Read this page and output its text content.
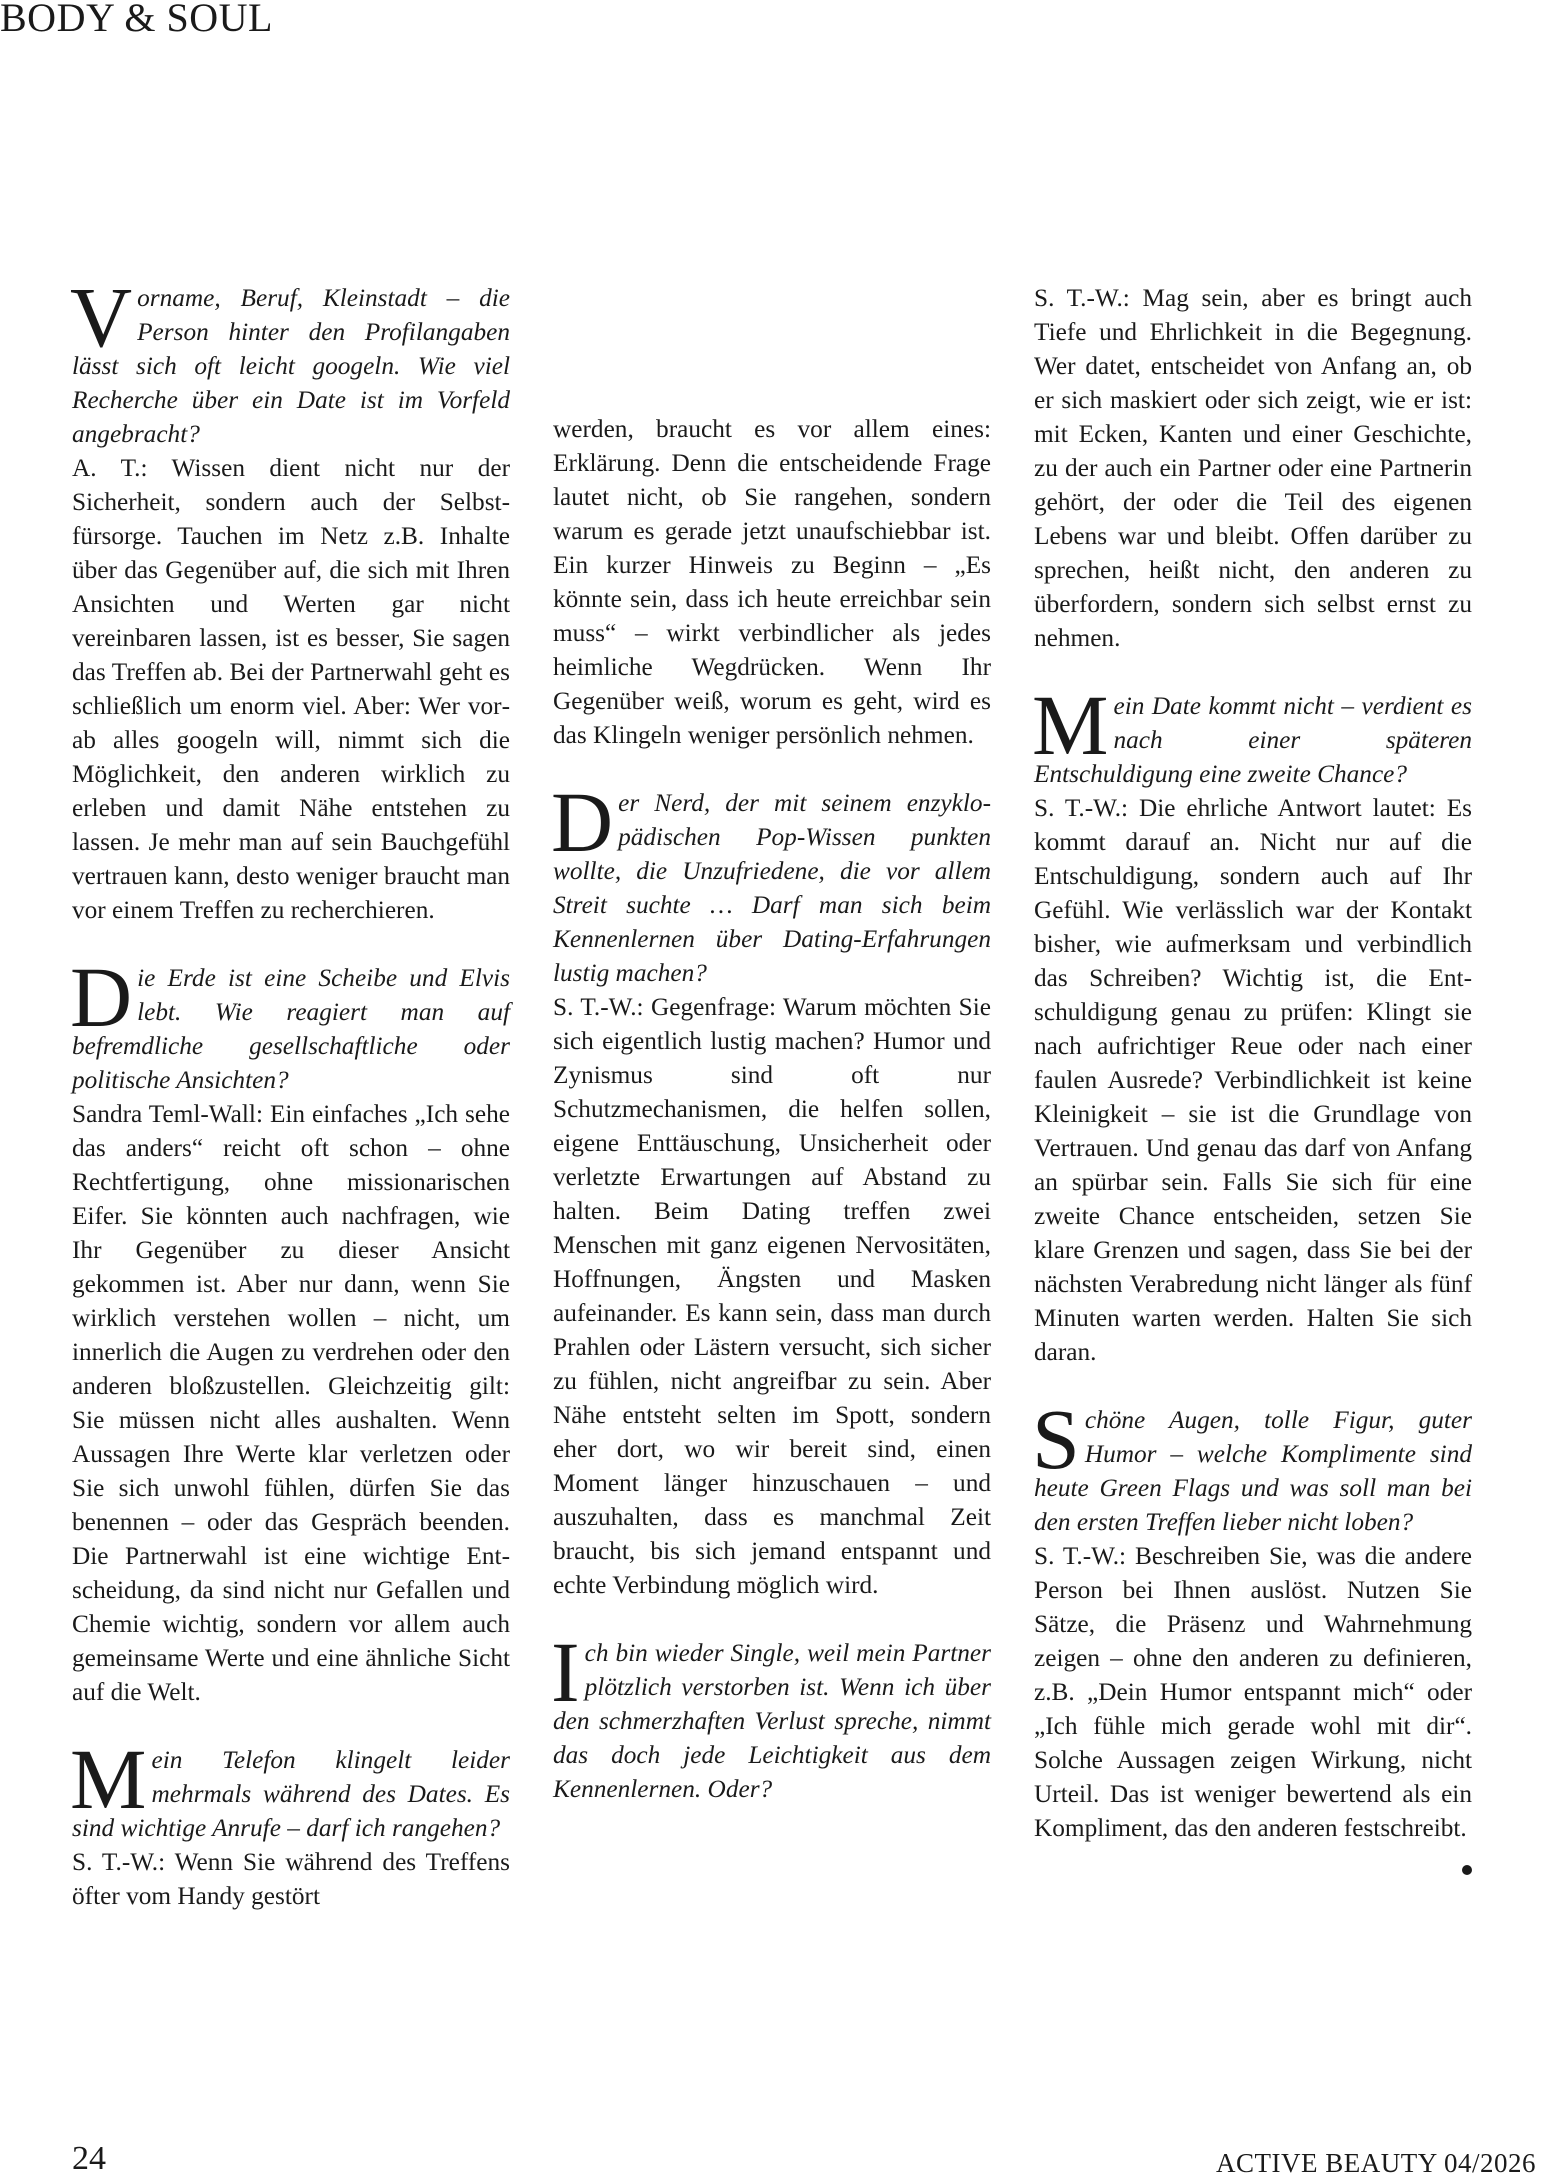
BODY & SOUL

Vorname, Beruf, Kleinstadt – die Person hinter den Profilangaben lässt sich oft leicht googeln. Wie viel Recherche über ein Date ist im Vorfeld angebracht?

A. T.: Wissen dient nicht nur der Sicherheit, sondern auch der Selbstfürsorge. Tauchen im Netz z.B. Inhalte über das Gegenüber auf, die sich mit Ihren Ansichten und Werten gar nicht vereinbaren lassen, ist es besser, Sie sagen das Treffen ab. Bei der Partnerwahl geht es schließlich um enorm viel. Aber: Wer vorab alles googeln will, nimmt sich die Möglichkeit, den anderen wirklich zu erleben und damit Nähe entstehen zu lassen. Je mehr man auf sein Bauchgefühl vertrauen kann, desto weniger braucht man vor einem Treffen zu recherchieren.

Die Erde ist eine Scheibe und Elvis lebt. Wie reagiert man auf befremdliche gesellschaftliche oder politische Ansichten?

Sandra Teml-Wall: Ein einfaches „Ich sehe das anders“ reicht oft schon – ohne Rechtfertigung, ohne missionarischen Eifer. Sie könnten auch nachfragen, wie Ihr Gegenüber zu dieser Ansicht gekommen ist. Aber nur dann, wenn Sie wirklich verstehen wollen – nicht, um innerlich die Augen zu verdrehen oder den anderen bloßzustellen. Gleichzeitig gilt: Sie müssen nicht alles aushalten. Wenn Aussagen Ihre Werte klar verletzen oder Sie sich unwohl fühlen, dürfen Sie das benennen – oder das Gespräch beenden. Die Partnerwahl ist eine wichtige Entscheidung, da sind nicht nur Gefallen und Chemie wichtig, sondern vor allem auch gemeinsame Werte und eine ähnliche Sicht auf die Welt.

Mein Telefon klingelt leider mehrmals während des Dates. Es sind wichtige Anrufe – darf ich rangehen?

S. T.-W.: Wenn Sie während des Treffens öfter vom Handy gestört

werden, braucht es vor allem eines: Erklärung. Denn die entscheidende Frage lautet nicht, ob Sie rangehen, sondern warum es gerade jetzt unaufschiebbar ist. Ein kurzer Hinweis zu Beginn – „Es könnte sein, dass ich heute erreichbar sein muss“ – wirkt verbindlicher als jedes heimliche Wegdrücken. Wenn Ihr Gegenüber weiß, worum es geht, wird es das Klingeln weniger persönlich nehmen.

Der Nerd, der mit seinem enzyklopädischen Pop-Wissen punkten wollte, die Unzufriedene, die vor allem Streit suchte … Darf man sich beim Kennenlernen über Dating-Erfahrungen lustig machen?

S. T.-W.: Gegenfrage: Warum möchten Sie sich eigentlich lustig machen? Humor und Zynismus sind oft nur Schutzmechanismen, die helfen sollen, eigene Enttäuschung, Unsicherheit oder verletzte Erwartungen auf Abstand zu halten. Beim Dating treffen zwei Menschen mit ganz eigenen Nervositäten, Hoffnungen, Ängsten und Masken aufeinander. Es kann sein, dass man durch Prahlen oder Lästern versucht, sich sicher zu fühlen, nicht angreifbar zu sein. Aber Nähe entsteht selten im Spott, sondern eher dort, wo wir bereit sind, einen Moment länger hinzuschauen – und auszuhalten, dass es manchmal Zeit braucht, bis sich jemand entspannt und echte Verbindung möglich wird.

Ich bin wieder Single, weil mein Partner plötzlich verstorben ist. Wenn ich über den schmerzhaften Verlust spreche, nimmt das doch jede Leichtigkeit aus dem Kennenlernen. Oder?

S. T.-W.: Mag sein, aber es bringt auch Tiefe und Ehrlichkeit in die Begegnung. Wer datet, entscheidet von Anfang an, ob er sich maskiert oder sich zeigt, wie er ist: mit Ecken, Kanten und einer Geschichte, zu der auch ein Partner oder eine Partnerin gehört, der oder die Teil des eigenen Lebens war und bleibt. Offen darüber zu sprechen, heißt nicht, den anderen zu überfordern, sondern sich selbst ernst zu nehmen.

Mein Date kommt nicht – verdient es nach einer späteren Entschuldigung eine zweite Chance?

S. T.-W.: Die ehrliche Antwort lautet: Es kommt darauf an. Nicht nur auf die Entschuldigung, sondern auch auf Ihr Gefühl. Wie verlässlich war der Kontakt bisher, wie aufmerksam und verbindlich das Schreiben? Wichtig ist, die Entschuldigung genau zu prüfen: Klingt sie nach aufrichtiger Reue oder nach einer faulen Ausrede? Verbindlichkeit ist keine Kleinigkeit – sie ist die Grundlage von Vertrauen. Und genau das darf von Anfang an spürbar sein. Falls Sie sich für eine zweite Chance entscheiden, setzen Sie klare Grenzen und sagen, dass Sie bei der nächsten Verabredung nicht länger als fünf Minuten warten werden. Halten Sie sich daran.

Schöne Augen, tolle Figur, guter Humor – welche Komplimente sind heute Green Flags und was soll man bei den ersten Treffen lieber nicht loben?

S. T.-W.: Beschreiben Sie, was die andere Person bei Ihnen auslöst. Nutzen Sie Sätze, die Präsenz und Wahrnehmung zeigen – ohne den anderen zu definieren, z.B. „Dein Humor entspannt mich“ oder „Ich fühle mich gerade wohl mit dir“. Solche Aussagen zeigen Wirkung, nicht Urteil. Das ist weniger bewertend als ein Kompliment, das den anderen festschreibt.

24	ACTIVE BEAUTY 04/2026
